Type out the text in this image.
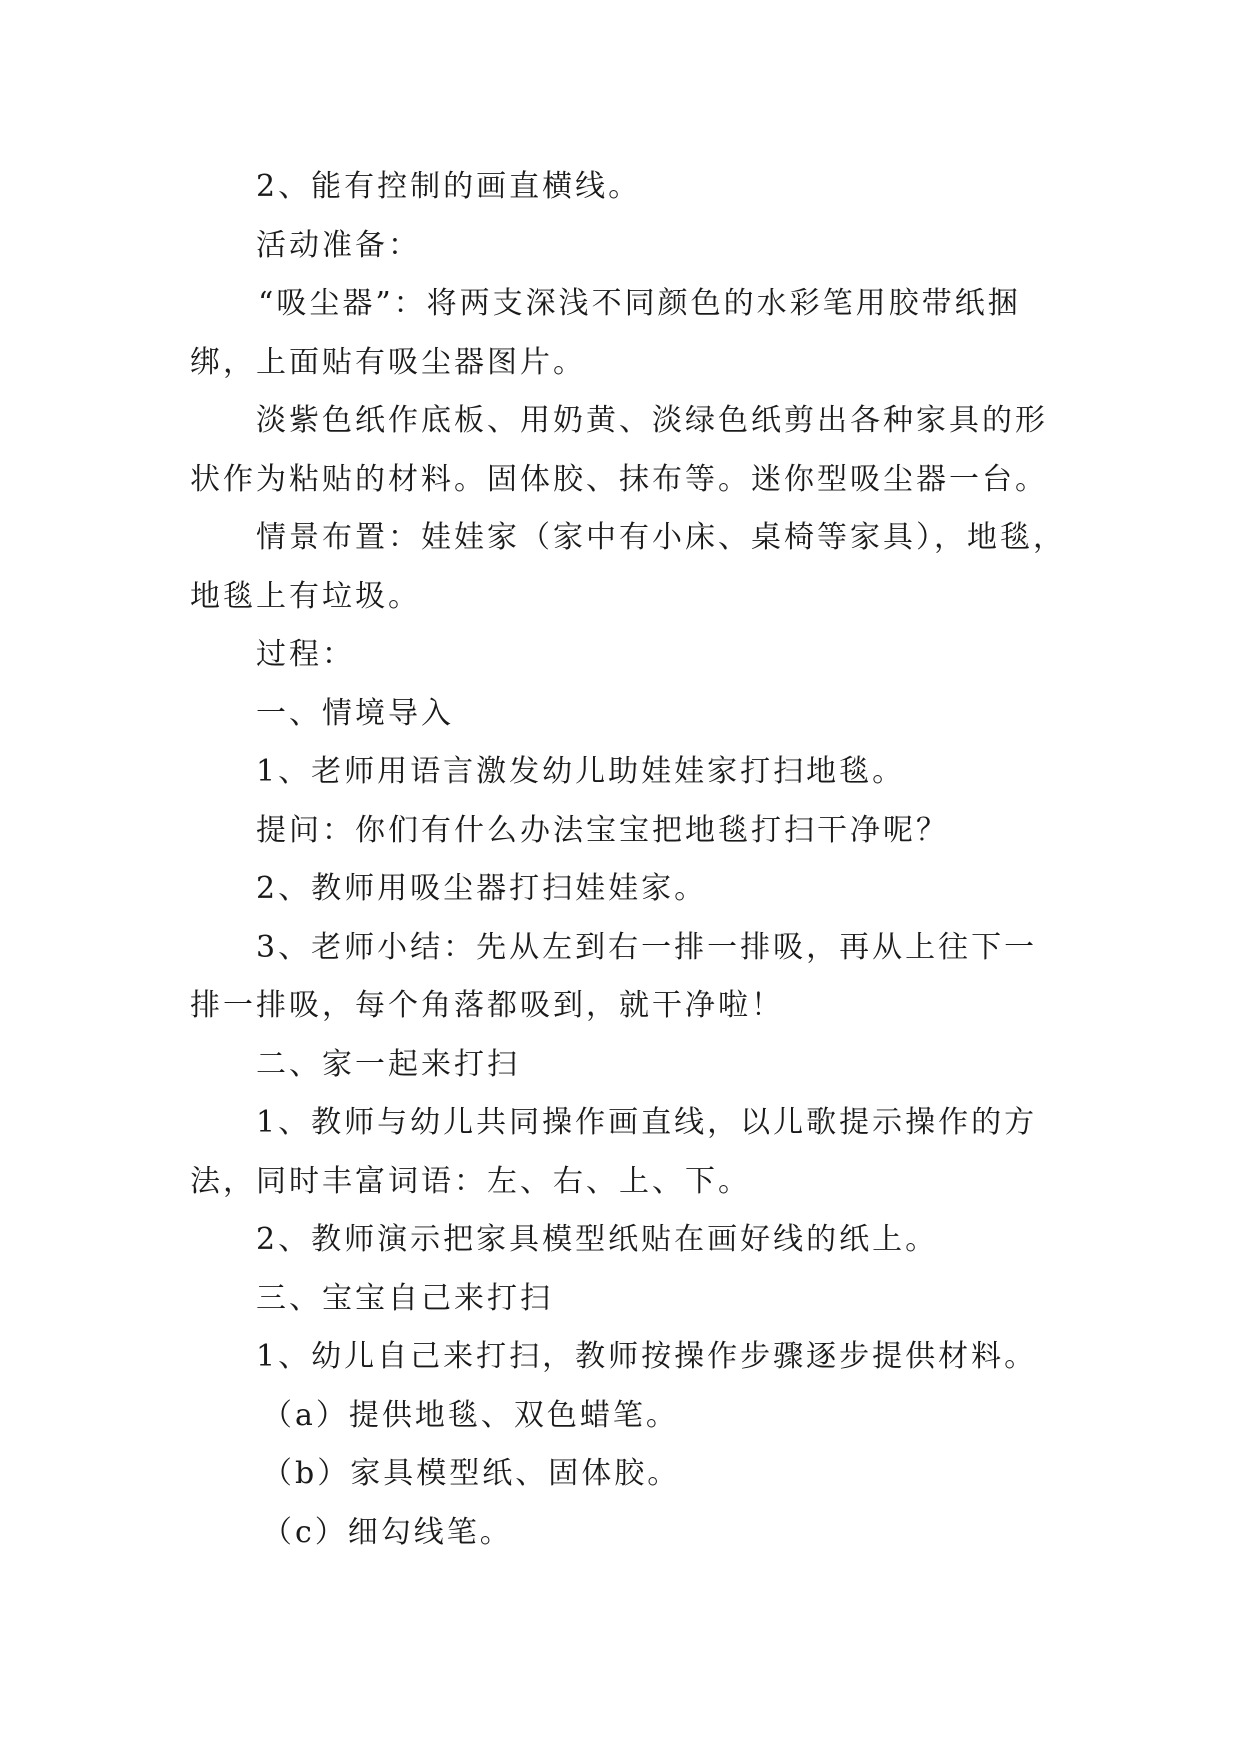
2、能有控制的画直横线。

活动准备：

“吸尘器”：将两支深浅不同颜色的水彩笔用胶带纸捆绑，上面贴有吸尘器图片。

淡紫色纸作底板、用奶黄、淡绿色纸剪出各种家具的形状作为粘贴的材料。固体胶、抹布等。迷你型吸尘器一台。

情景布置：娃娃家（家中有小床、桌椅等家具），地毯，地毯上有垃圾。

过程：

一、情境导入

1、老师用语言激发幼儿助娃娃家打扫地毯。

提问：你们有什么办法宝宝把地毯打扫干净呢？

2、教师用吸尘器打扫娃娃家。

3、老师小结：先从左到右一排一排吸，再从上往下一排一排吸，每个角落都吸到，就干净啦！

二、家一起来打扫

1、教师与幼儿共同操作画直线，以儿歌提示操作的方法，同时丰富词语：左、右、上、下。

2、教师演示把家具模型纸贴在画好线的纸上。

三、宝宝自己来打扫

1、幼儿自己来打扫，教师按操作步骤逐步提供材料。

（a）提供地毯、双色蜡笔。

（b）家具模型纸、固体胶。

（c）细勾线笔。
